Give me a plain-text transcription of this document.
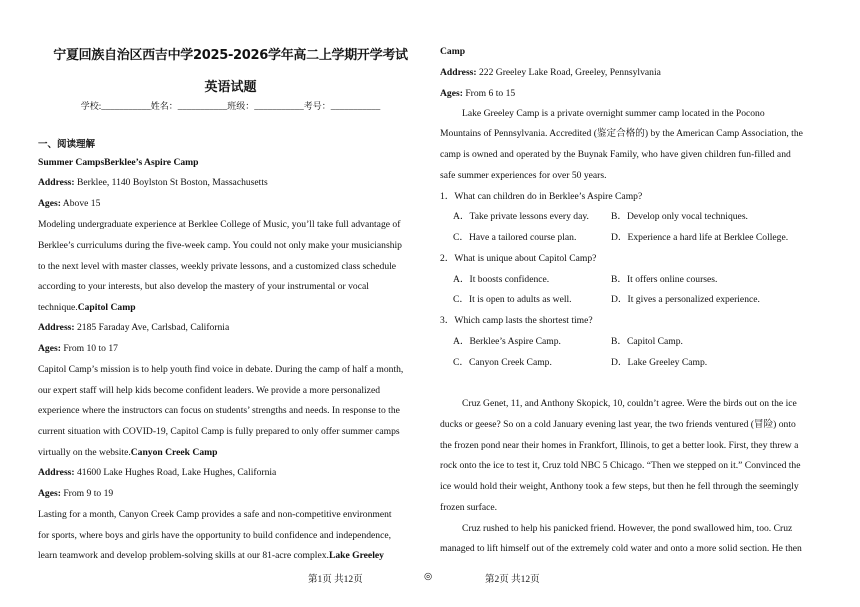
宁夏回族自治区西吉中学2025-2026学年高二上学期开学考试
英语试题
学校:___________姓名：___________班级：___________考号：___________
一、阅读理解
Summer CampsBerklee’s Aspire Camp
Address: Berklee, 1140 Boylston St Boston, Massachusetts
Ages: Above 15
Modeling undergraduate experience at Berklee College of Music, you’ll take full advantage of
Berklee’s curriculums during the five-week camp. You could not only make your musicianship
to the next level with master classes, weekly private lessons, and a customized class schedule
according to your interests, but also develop the mastery of your instrumental or vocal
technique.Capitol Camp
Address: 2185 Faraday Ave, Carlsbad, California
Ages: From 10 to 17
Capitol Camp’s mission is to help youth find voice in debate. During the camp of half a month,
our expert staff will help kids become confident leaders. We provide a more personalized
experience where the instructors can focus on students’ strengths and needs. In response to the
current situation with COVID-19, Capitol Camp is fully prepared to only offer summer camps
virtually on the website.Canyon Creek Camp
Address: 41600 Lake Hughes Road, Lake Hughes, California
Ages: From 9 to 19
Lasting for a month, Canyon Creek Camp provides a safe and non-competitive environment
for sports, where boys and girls have the opportunity to build confidence and independence,
learn teamwork and develop problem-solving skills at our 81-acre complex.Lake Greeley
Camp
Address: 222 Greeley Lake Road, Greeley, Pennsylvania
Ages: From 6 to 15
Lake Greeley Camp is a private overnight summer camp located in the Pocono
Mountains of Pennsylvania. Accredited (鉴定合格的) by the American Camp Association, the
camp is owned and operated by the Buynak Family, who have given children fun-filled and
safe summer experiences for over 50 years.
1．What can children do in Berklee’s Aspire Camp?
A．Take private lessons every day. B．Develop only vocal techniques.
C．Have a tailored course plan.	D．Experience a hard life at Berklee College.
2．What is unique about Capitol Camp?
A．It boosts confidence.	B．It offers online courses.
C．It is open to adults as well.	D．It gives a personalized experience.
3．Which camp lasts the shortest time?
A．Berklee’s Aspire Camp.	B．Capitol Camp.
C．Canyon Creek Camp.	D．Lake Greeley Camp.
Cruz Genet, 11, and Anthony Skopick, 10, couldn’t agree. Were the birds out on the ice
ducks or geese? So on a cold January evening last year, the two friends ventured (冒险) onto
the frozen pond near their homes in Frankfort, Illinois, to get a better look. First, they threw a
rock onto the ice to test it, Cruz told NBC 5 Chicago. “Then we stepped on it.” Convinced the
ice would hold their weight, Anthony took a few steps, but then he fell through the seemingly
frozen surface.
Cruz rushed to help his panicked friend. However, the pond swallowed him, too. Cruz
managed to lift himself out of the extremely cold water and onto a more solid section. He then
第1页 共12页	◎	第2页 共12页
